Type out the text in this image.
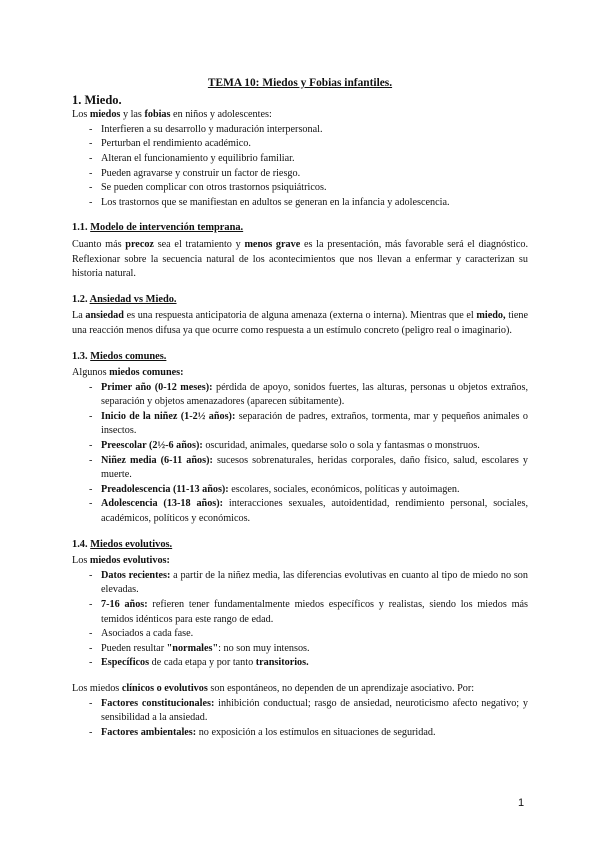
TEMA 10: Miedos y Fobias infantiles.
1. Miedo.

Los miedos y las fobias en niños y adolescentes:

- Interfieren a su desarrollo y maduración interpersonal.
- Perturban el rendimiento académico.
- Alteran el funcionamiento y equilibrio familiar.
- Pueden agravarse y construir un factor de riesgo.
- Se pueden complicar con otros trastornos psiquiátricos.
- Los trastornos que se manifiestan en adultos se generan en la infancia y adolescencia.
1.1. Modelo de intervención temprana.

Cuanto más precoz sea el tratamiento y menos grave es la presentación, más favorable será el diagnóstico. Reflexionar sobre la secuencia natural de los acontecimientos que nos llevan a enfermar y caracterizan su historia natural.

1.2. Ansiedad vs Miedo.

La ansiedad es una respuesta anticipatoria de alguna amenaza (externa o interna). Mientras que el miedo, tiene una reacción menos difusa ya que ocurre como respuesta a un estímulo concreto (peligro real o imaginario).

1.3. Miedos comunes.

Algunos miedos comunes:

- Primer año (0-12 meses): pérdida de apoyo, sonidos fuertes, las alturas, personas u objetos extraños, separación y objetos amenazadores (aparecen súbitamente).
- Inicio de la niñez (1-2½ años): separación de padres, extraños, tormenta, mar y pequeños animales o insectos.
- Preescolar (2½-6 años): oscuridad, animales, quedarse solo o sola y fantasmas o monstruos.
- Niñez media (6-11 años): sucesos sobrenaturales, heridas corporales, daño físico, salud, escolares y muerte.
- Preadolescencia (11-13 años): escolares, sociales, económicos, políticas y autoimagen.
- Adolescencia (13-18 años): interacciones sexuales, autoidentidad, rendimiento personal, sociales, académicos, políticos y económicos.
1.4. Miedos evolutivos.

Los miedos evolutivos:

- Datos recientes: a partir de la niñez media, las diferencias evolutivas en cuanto al tipo de miedo no son elevadas.
- 7-16 años: refieren tener fundamentalmente miedos específicos y realistas, siendo los miedos más temidos idénticos para este rango de edad.
- Asociados a cada fase.
- Pueden resultar "normales": no son muy intensos.
- Específicos de cada etapa y por tanto transitorios.

Los miedos clínicos o evolutivos son espontáneos, no dependen de un aprendizaje asociativo. Por:

- Factores constitucionales: inhibición conductual; rasgo de ansiedad, neuroticismo afecto negativo; y sensibilidad a la ansiedad.
- Factores ambientales: no exposición a los estímulos en situaciones de seguridad.
1
